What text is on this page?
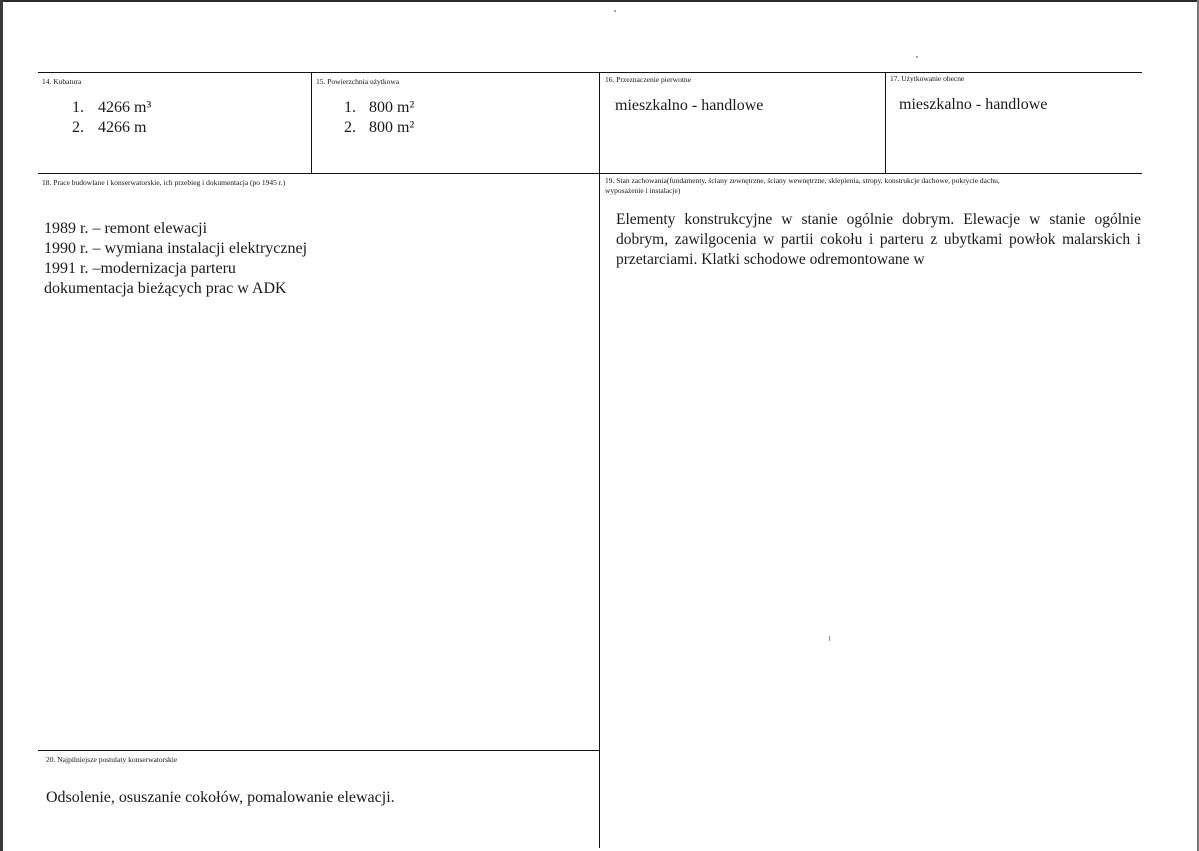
14. Kubatura
1. 4266 m³
2. 4266 m
15. Powierzchnia użytkowa
1. 800 m²
2. 800 m²
16. Przeznaczenie pierwotne
mieszkalno - handlowe
17. Użytkowanie obecne
mieszkalno - handlowe
18. Prace budowlane i konserwatorskie, ich przebieg i dokumentacja (po 1945 r.)
1989 r. – remont elewacji
1990 r. – wymiana instalacji elektrycznej
1991 r. –modernizacja parteru
dokumentacja bieżących prac w ADK
19. Stan zachowania(fundamenty, ściany zewnętrzne, ściany wewnętrzne, sklepienia, stropy, konstrukcje dachowe, pokrycie dachu,
wyposażenie i instalacje)
Elementy konstrukcyjne w stanie ogólnie dobrym. Elewacje w stanie ogólnie dobrym, zawilgocenia w partii cokołu i parteru z ubytkami powłok malarskich i przetarciami. Klatki schodowe odremontowane w
20. Najpilniejsze postulaty konserwatorskie
Odsolenie, osuszanie cokołów, pomalowanie elewacji.
